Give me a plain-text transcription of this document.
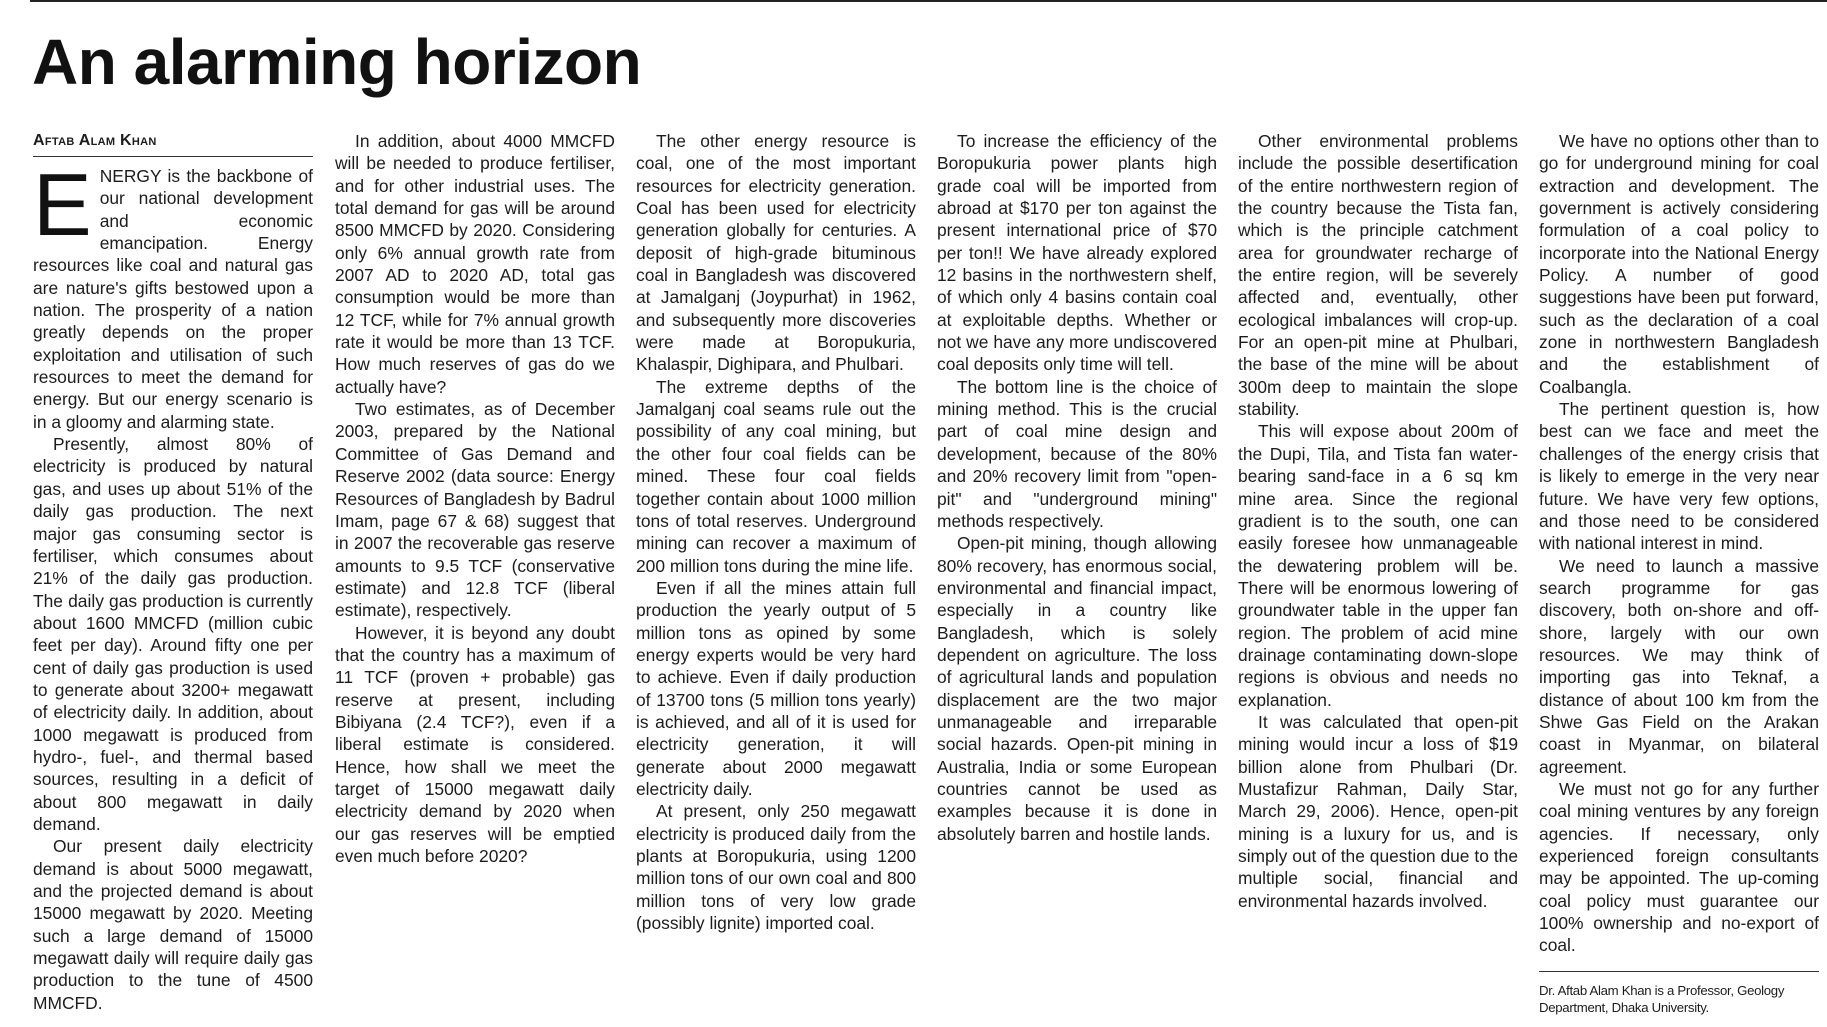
An alarming horizon
Aftab Alam Khan

ENERGY is the backbone of our national development and economic emancipation. Energy resources like coal and natural gas are nature's gifts bestowed upon a nation. The prosperity of a nation greatly depends on the proper exploitation and utilisation of such resources to meet the demand for energy. But our energy scenario is in a gloomy and alarming state.

Presently, almost 80% of electricity is produced by natural gas, and uses up about 51% of the daily gas production. The next major gas consuming sector is fertiliser, which consumes about 21% of the daily gas production. The daily gas production is currently about 1600 MMCFD (million cubic feet per day). Around fifty one per cent of daily gas production is used to generate about 3200+ megawatt of electricity daily. In addition, about 1000 megawatt is produced from hydro-, fuel-, and thermal based sources, resulting in a deficit of about 800 megawatt in daily demand.

Our present daily electricity demand is about 5000 megawatt, and the projected demand is about 15000 megawatt by 2020. Meeting such a large demand of 15000 megawatt daily will require daily gas production to the tune of 4500 MMCFD.

In addition, about 4000 MMCFD will be needed to produce fertiliser, and for other industrial uses. The total demand for gas will be around 8500 MMCFD by 2020. Considering only 6% annual growth rate from 2007 AD to 2020 AD, total gas consumption would be more than 12 TCF, while for 7% annual growth rate it would be more than 13 TCF. How much reserves of gas do we actually have?

Two estimates, as of December 2003, prepared by the National Committee of Gas Demand and Reserve 2002 (data source: Energy Resources of Bangladesh by Badrul Imam, page 67 & 68) suggest that in 2007 the recoverable gas reserve amounts to 9.5 TCF (conservative estimate) and 12.8 TCF (liberal estimate), respectively.

However, it is beyond any doubt that the country has a maximum of 11 TCF (proven + probable) gas reserve at present, including Bibiyana (2.4 TCF?), even if a liberal estimate is considered. Hence, how shall we meet the target of 15000 megawatt daily electricity demand by 2020 when our gas reserves will be emptied even much before 2020?

The other energy resource is coal, one of the most important resources for electricity generation. Coal has been used for electricity generation globally for centuries. A deposit of high-grade bituminous coal in Bangladesh was discovered at Jamalganj (Joypurhat) in 1962, and subsequently more discoveries were made at Boropukuria, Khalaspir, Dighipara, and Phulbari.

The extreme depths of the Jamalganj coal seams rule out the possibility of any coal mining, but the other four coal fields can be mined. These four coal fields together contain about 1000 million tons of total reserves. Underground mining can recover a maximum of 200 million tons during the mine life.

Even if all the mines attain full production the yearly output of 5 million tons as opined by some energy experts would be very hard to achieve. Even if daily production of 13700 tons (5 million tons yearly) is achieved, and all of it is used for electricity generation, it will generate about 2000 megawatt electricity daily.

At present, only 250 megawatt electricity is produced daily from the plants at Boropukuria, using 1200 million tons of our own coal and 800 million tons of very low grade (possibly lignite) imported coal.

To increase the efficiency of the Boropukuria power plants high grade coal will be imported from abroad at $170 per ton against the present international price of $70 per ton!! We have already explored 12 basins in the northwestern shelf, of which only 4 basins contain coal at exploitable depths. Whether or not we have any more undiscovered coal deposits only time will tell.

The bottom line is the choice of mining method. This is the crucial part of coal mine design and development, because of the 80% and 20% recovery limit from "open-pit" and "underground mining" methods respectively.

Open-pit mining, though allowing 80% recovery, has enormous social, environmental and financial impact, especially in a country like Bangladesh, which is solely dependent on agriculture. The loss of agricultural lands and population displacement are the two major unmanageable and irreparable social hazards. Open-pit mining in Australia, India or some European countries cannot be used as examples because it is done in absolutely barren and hostile lands.

Other environmental problems include the possible desertification of the entire northwestern region of the country because the Tista fan, which is the principle catchment area for groundwater recharge of the entire region, will be severely affected and, eventually, other ecological imbalances will crop-up. For an open-pit mine at Phulbari, the base of the mine will be about 300m deep to maintain the slope stability.

This will expose about 200m of the Dupi, Tila, and Tista fan water-bearing sand-face in a 6 sq km mine area. Since the regional gradient is to the south, one can easily foresee how unmanageable the dewatering problem will be. There will be enormous lowering of groundwater table in the upper fan region. The problem of acid mine drainage contaminating down-slope regions is obvious and needs no explanation.

It was calculated that open-pit mining would incur a loss of $19 billion alone from Phulbari (Dr. Mustafizur Rahman, Daily Star, March 29, 2006). Hence, open-pit mining is a luxury for us, and is simply out of the question due to the multiple social, financial and environmental hazards involved.

We have no options other than to go for underground mining for coal extraction and development. The government is actively considering formulation of a coal policy to incorporate into the National Energy Policy. A number of good suggestions have been put forward, such as the declaration of a coal zone in northwestern Bangladesh and the establishment of Coalbangla.

The pertinent question is, how best can we face and meet the challenges of the energy crisis that is likely to emerge in the very near future. We have very few options, and those need to be considered with national interest in mind.

We need to launch a massive search programme for gas discovery, both on-shore and off-shore, largely with our own resources. We may think of importing gas into Teknaf, a distance of about 100 km from the Shwe Gas Field on the Arakan coast in Myanmar, on bilateral agreement.

We must not go for any further coal mining ventures by any foreign agencies. If necessary, only experienced foreign consultants may be appointed. The up-coming coal policy must guarantee our 100% ownership and no-export of coal.

Dr. Aftab Alam Khan is a Professor, Geology Department, Dhaka University.
